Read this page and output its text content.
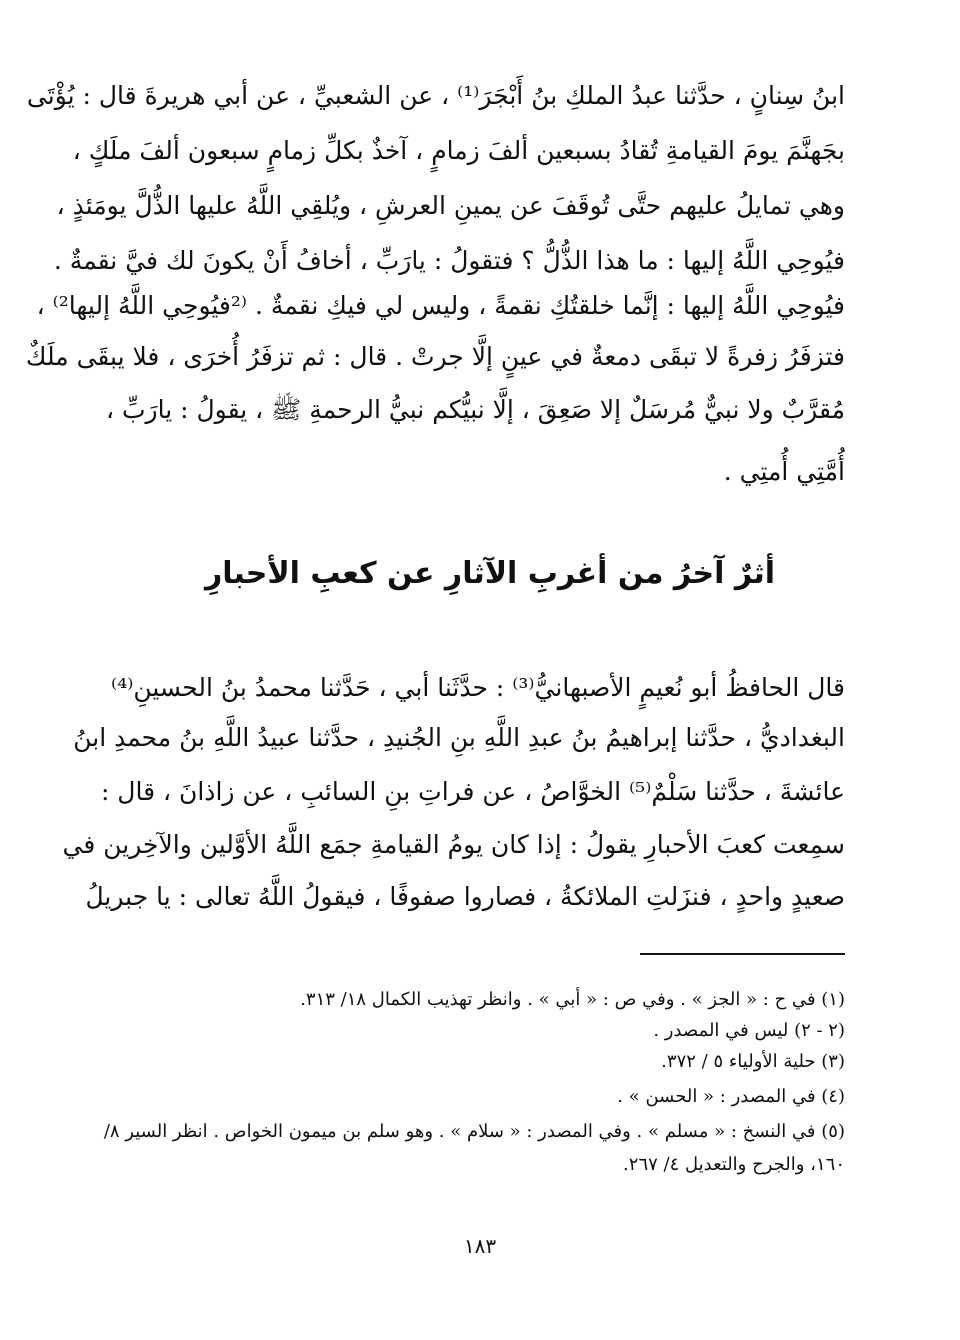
ابنُ سِنانٍ ، حدَّثنا عبدُ الملكِ بنُ أَبْجَرَ⁽¹⁾ ، عن الشعبيِّ ، عن أبي هريرةَ قال : يُؤْتَى
بجَهنَّمَ يومَ القيامةِ تُقادُ بسبعين ألفَ زمامٍ ، آخذٌ بكلِّ زمامٍ سبعون ألفَ ملَكٍ ،
وهي تمايلُ عليهم حتَّى تُوقَفَ عن يمينِ العرشِ ، ويُلقِي اللَّهُ عليها الذُّلَّ يومَئذٍ ،
فيُوحِي اللَّهُ إليها : ما هذا الذُّلُّ ؟ فتقولُ : يارَبِّ ، أخافُ أَنْ يكونَ لك فيَّ نقمةٌ .
فيُوحِي اللَّهُ إليها : إنَّما خلقتُكِ نقمةً ، وليس لي فيكِ نقمةٌ . ⁽²فيُوحِي اللَّهُ إليها²⁾ ،
فتزفَرُ زفرةً لا تبقَى دمعةٌ في عينٍ إلَّا جرتْ . قال : ثم تزفَرُ أُخرَى ، فلا يبقَى ملَكٌ
مُقرَّبٌ ولا نبيٌّ مُرسَلٌ إلا صَعِقَ ، إلَّا نبيُّكم نبيُّ الرحمةِ ﷺ ، يقولُ : يارَبِّ ،
أُمَّتِي أُمتِي .
أثرٌ آخرُ من أغربِ الآثارِ عن كعبِ الأحبارِ
قال الحافظُ أبو نُعيمٍ الأصبهانيُّ⁽³⁾ : حدَّثَنا أبي ، حَدَّثنا محمدُ بنُ الحسينِ⁽⁴⁾
البغداديُّ ، حدَّثنا إبراهيمُ بنُ عبدِ اللَّهِ بنِ الجُنيدِ ، حدَّثنا عبيدُ اللَّهِ بنُ محمدِ ابنُ
عائشةَ ، حدَّثنا سَلْمٌ⁽⁵⁾ الخوَّاصُ ، عن فراتِ بنِ السائبِ ، عن زاذانَ ، قال :
سمِعت كعبَ الأحبارِ يقولُ : إذا كان يومُ القيامةِ جمَع اللَّهُ الأوَّلين والآخِرين في
صعيدٍ واحدٍ ، فنزَلتِ الملائكةُ ، فصاروا صفوفًا ، فيقولُ اللَّهُ تعالى : يا جبريلُ
(١) في ح : « الجز » . وفي ص : « أبي » . وانظر تهذيب الكمال ١٨/ ٣١٣.
(٢ - ٢) ليس في المصدر .
(٣) حلية الأولياء ٥ / ٣٧٢.
(٤) في المصدر : « الحسن » .
(٥) في النسخ : « مسلم » . وفي المصدر : « سلام » . وهو سلم بن ميمون الخواص . انظر السير ٨/
١٦٠، والجرح والتعديل ٤/ ٢٦٧.
١٨٣
